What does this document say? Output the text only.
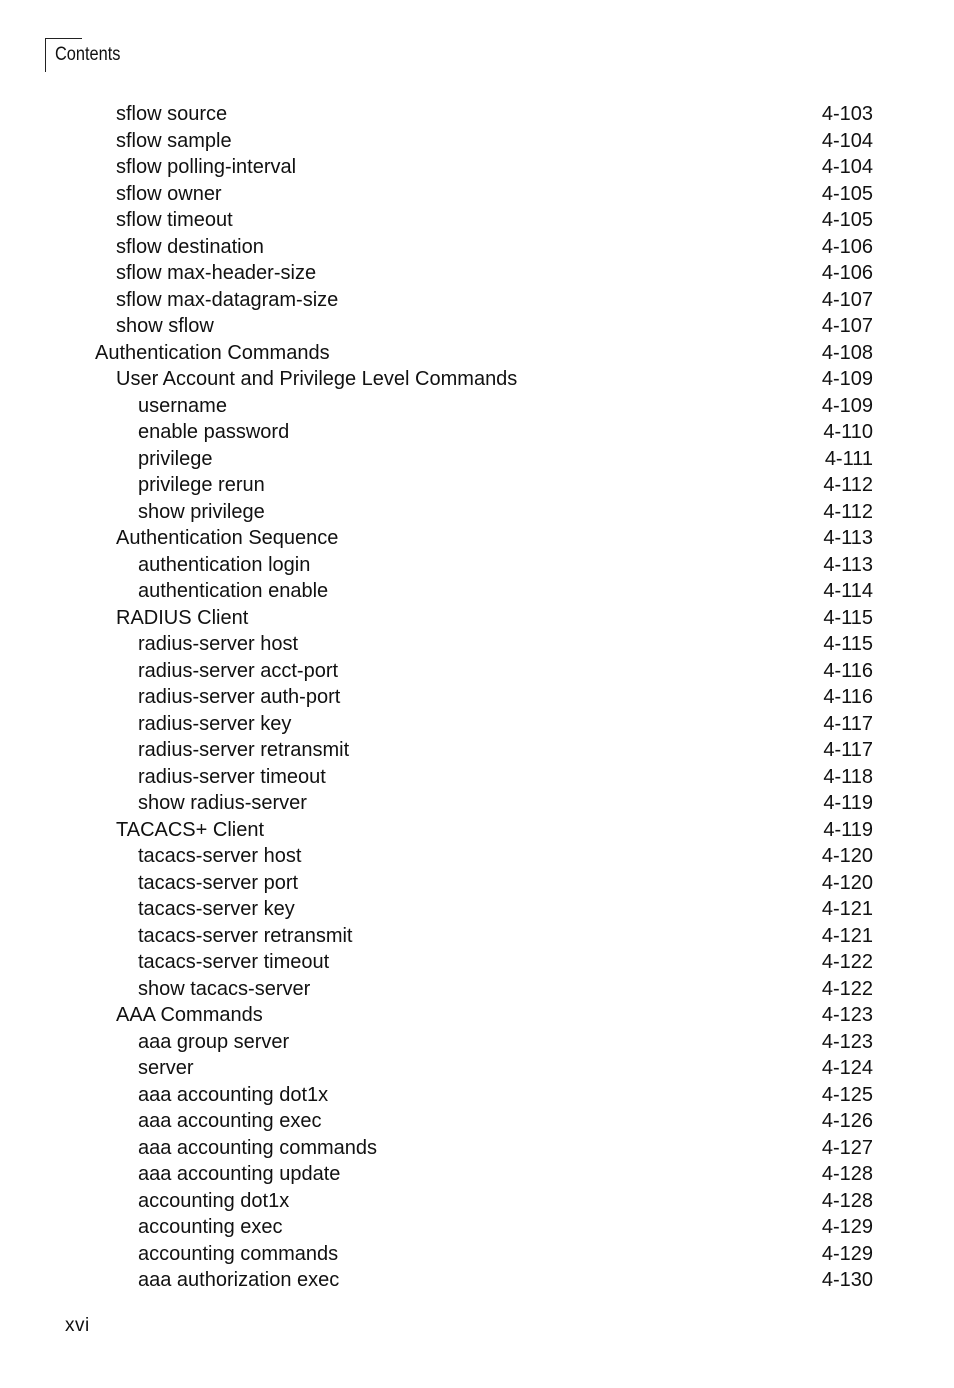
Contents
sflow source	4-103
sflow sample	4-104
sflow polling-interval	4-104
sflow owner	4-105
sflow timeout	4-105
sflow destination	4-106
sflow max-header-size	4-106
sflow max-datagram-size	4-107
show sflow	4-107
Authentication Commands	4-108
User Account and Privilege Level Commands	4-109
username	4-109
enable password	4-110
privilege	4-111
privilege rerun	4-112
show privilege	4-112
Authentication Sequence	4-113
authentication login	4-113
authentication enable	4-114
RADIUS Client	4-115
radius-server host	4-115
radius-server acct-port	4-116
radius-server auth-port	4-116
radius-server key	4-117
radius-server retransmit	4-117
radius-server timeout	4-118
show radius-server	4-119
TACACS+ Client	4-119
tacacs-server host	4-120
tacacs-server port	4-120
tacacs-server key	4-121
tacacs-server retransmit	4-121
tacacs-server timeout	4-122
show tacacs-server	4-122
AAA Commands	4-123
aaa group server	4-123
server	4-124
aaa accounting dot1x	4-125
aaa accounting exec	4-126
aaa accounting commands	4-127
aaa accounting update	4-128
accounting dot1x	4-128
accounting exec	4-129
accounting commands	4-129
aaa authorization exec	4-130
xvi
